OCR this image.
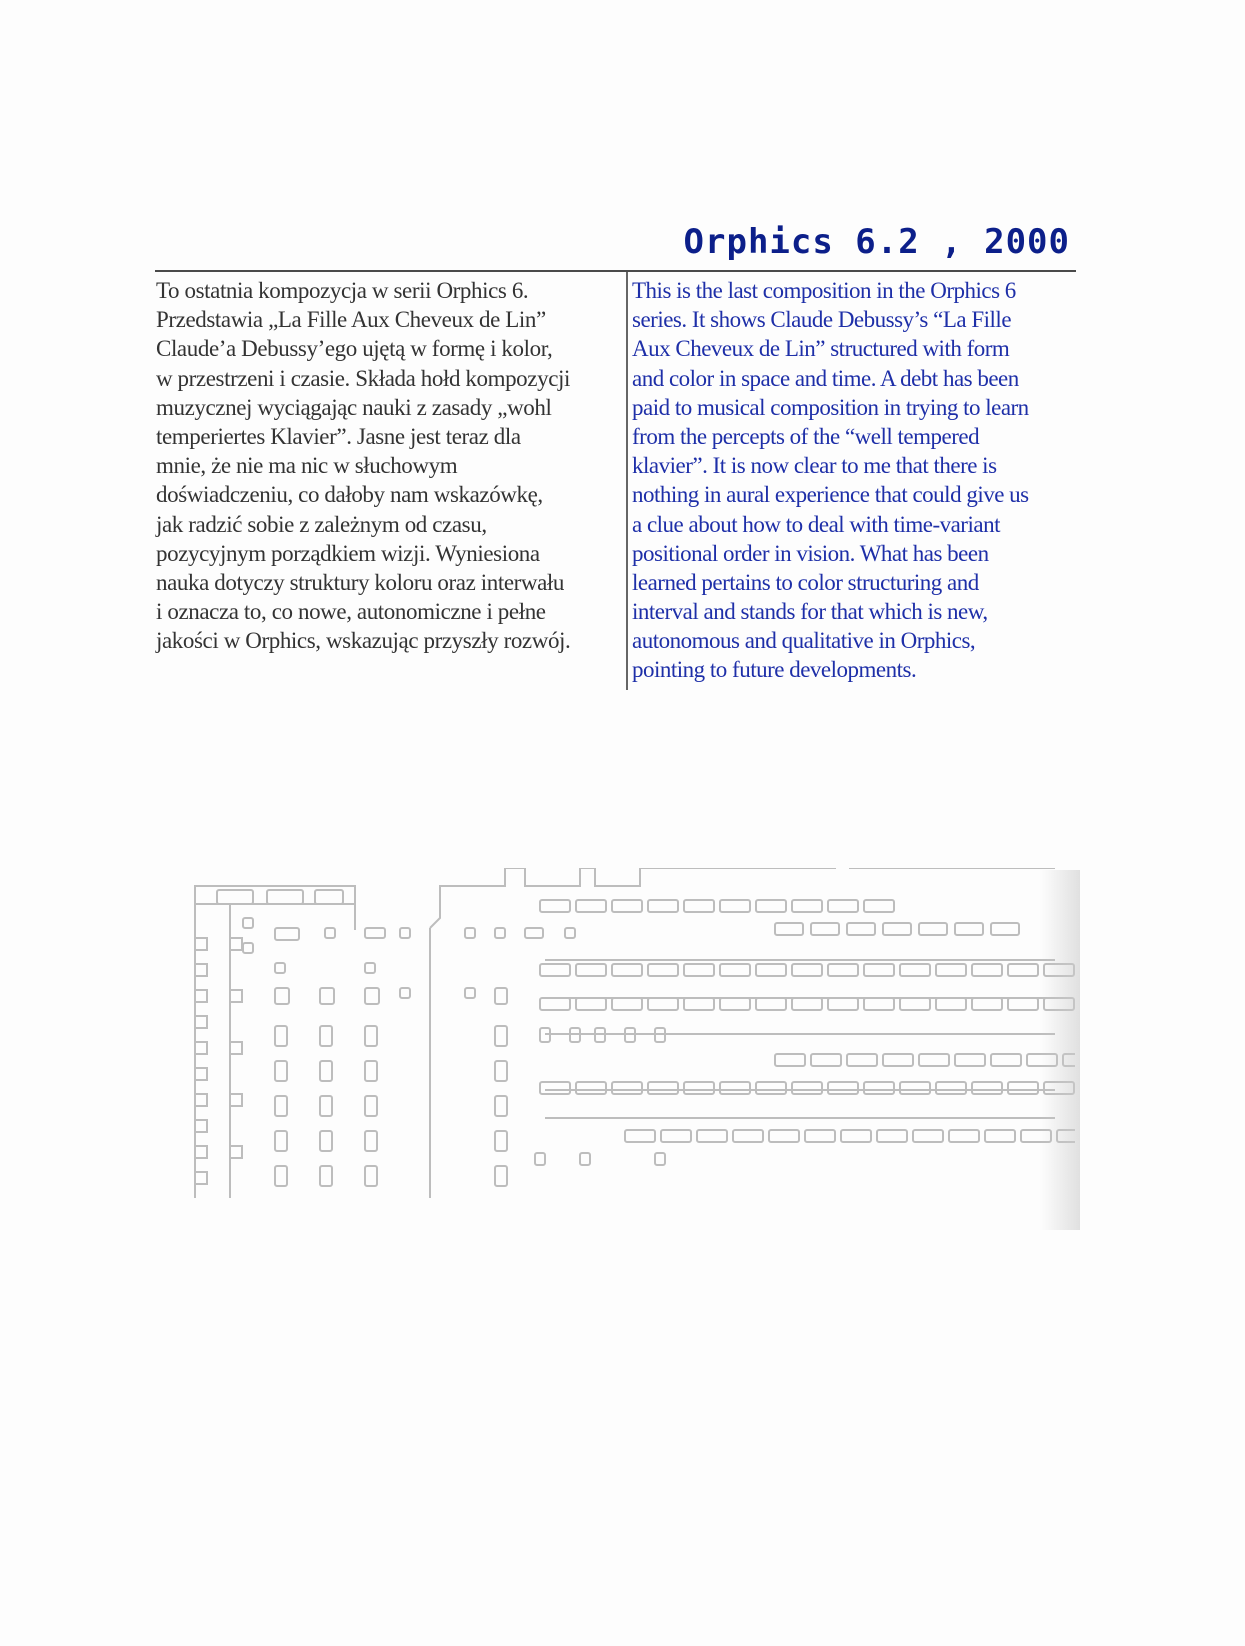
Orphics 6.2 , 2000
To ostatnia kompozycja w serii Orphics 6.
Przedstawia „La Fille Aux Cheveux de Lin”
Claude’a Debussy’ego ujętą w formę i kolor,
w przestrzeni i czasie. Składa hołd kompozycji
muzycznej wyciągając nauki z zasady „wohl
temperiertes Klavier”. Jasne jest teraz dla
mnie, że nie ma nic w słuchowym
doświadczeniu, co dałoby nam wskazówkę,
jak radzić sobie z zależnym od czasu,
pozycyjnym porządkiem wizji. Wyniesiona
nauka dotyczy struktury koloru oraz interwału
i oznacza to, co nowe, autonomiczne i pełne
jakości w Orphics, wskazując przyszły rozwój.
This is the last composition in the Orphics 6
series. It shows Claude Debussy’s “La Fille
Aux Cheveux de Lin” structured with form
and color in space and time. A debt has been
paid to musical composition in trying to learn
from the percepts of the “well tempered
klavier”. It is now clear to me that there is
nothing in aural experience that could give us
a clue about how to deal with time-variant
positional order in vision. What has been
learned pertains to color structuring and
interval and stands for that which is new,
autonomous and qualitative in Orphics,
pointing to future developments.
